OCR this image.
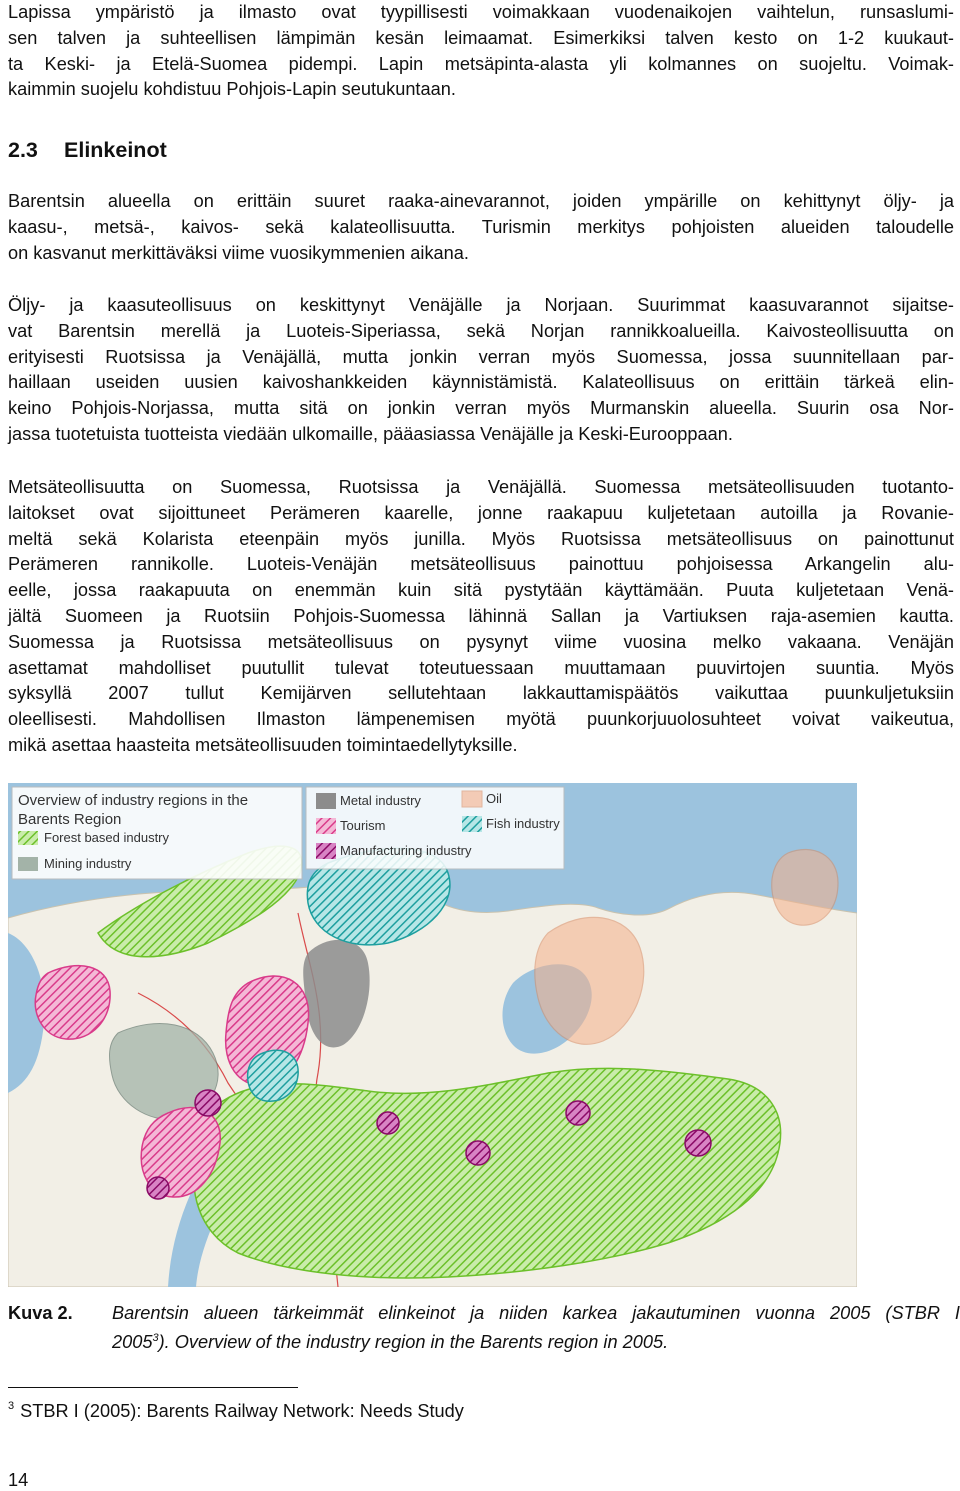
Lapissa ympäristö ja ilmasto ovat tyypillisesti voimakkaan vuodenaikojen vaihtelun, runsaslumi-
sen talven ja suhteellisen lämpimän kesän leimaamat. Esimerkiksi talven kesto on 1-2 kuukaut-
ta Keski- ja Etelä-Suomea pidempi. Lapin metsäpinta-alasta yli kolmannes on suojeltu. Voimak-
kaimmin suojelu kohdistuu Pohjois-Lapin seutukuntaan.

2.3 Elinkeinot

Barentsin alueella on erittäin suuret raaka-ainevarannot, joiden ympärille on kehittynyt öljy- ja
kaasu-, metsä-, kaivos- sekä kalateollisuutta. Turismin merkitys pohjoisten alueiden taloudelle
on kasvanut merkittäväksi viime vuosikymmenien aikana.

Öljy- ja kaasuteollisuus on keskittynyt Venäjälle ja Norjaan. Suurimmat kaasuvarannot sijaitse-
vat Barentsin merellä ja Luoteis-Siperiassa, sekä Norjan rannikkoalueilla. Kaivosteollisuutta on
erityisesti Ruotsissa ja Venäjällä, mutta jonkin verran myös Suomessa, jossa suunnitellaan par-
haillaan useiden uusien kaivoshankkeiden käynnistämistä. Kalateollisuus on erittäin tärkeä elin-
keino Pohjois-Norjassa, mutta sitä on jonkin verran myös Murmanskin alueella. Suurin osa Nor-
jassa tuotetuista tuotteista viedään ulkomaille, pääasiassa Venäjälle ja Keski-Eurooppaan.

Metsäteollisuutta on Suomessa, Ruotsissa ja Venäjällä. Suomessa metsäteollisuuden tuotanto-
laitokset ovat sijoittuneet Perämeren kaarelle, jonne raakapuu kuljetetaan autoilla ja Rovanie-
meltä sekä Kolarista eteenpäin myös junilla. Myös Ruotsissa metsäteollisuus on painottunut
Perämeren rannikolle. Luoteis-Venäjän metsäteollisuus painottuu pohjoisessa Arkangelin alu-
eelle, jossa raakapuuta on enemmän kuin sitä pystytään käyttämään. Puuta kuljetetaan Venä-
jältä Suomeen ja Ruotsiin Pohjois-Suomessa lähinnä Sallan ja Vartiuksen raja-asemien kautta.
Suomessa ja Ruotsissa metsäteollisuus on pysynyt viime vuosina melko vakaana. Venäjän
asettamat mahdolliset puutullit tulevat toteutuessaan muuttamaan puuvirtojen suuntia. Myös
syksyllä 2007 tullut Kemijärven sellutehtaan lakkauttamispäätös vaikuttaa puunkuljetuksiin
oleellisesti. Mahdollisen Ilmaston lämpenemisen myötä puunkorjuuolosuhteet voivat vaikeutua,
mikä asettaa haasteita metsäteollisuuden toimintaedellytyksille.

Overview of industry regions in the
Barents Region
Forest based industry
Mining industry
Metal industry
Tourism
Manufacturing industry
Oil
Fish industry
Kuva 2. Barentsin alueen tärkeimmät elinkeinot ja niiden karkea jakautuminen vuonna 2005 (STBR I
2005$^3$). Overview of the industry region in the Barents region in 2005.
$^3$ STBR I (2005): Barents Railway Network: Needs Study
14
